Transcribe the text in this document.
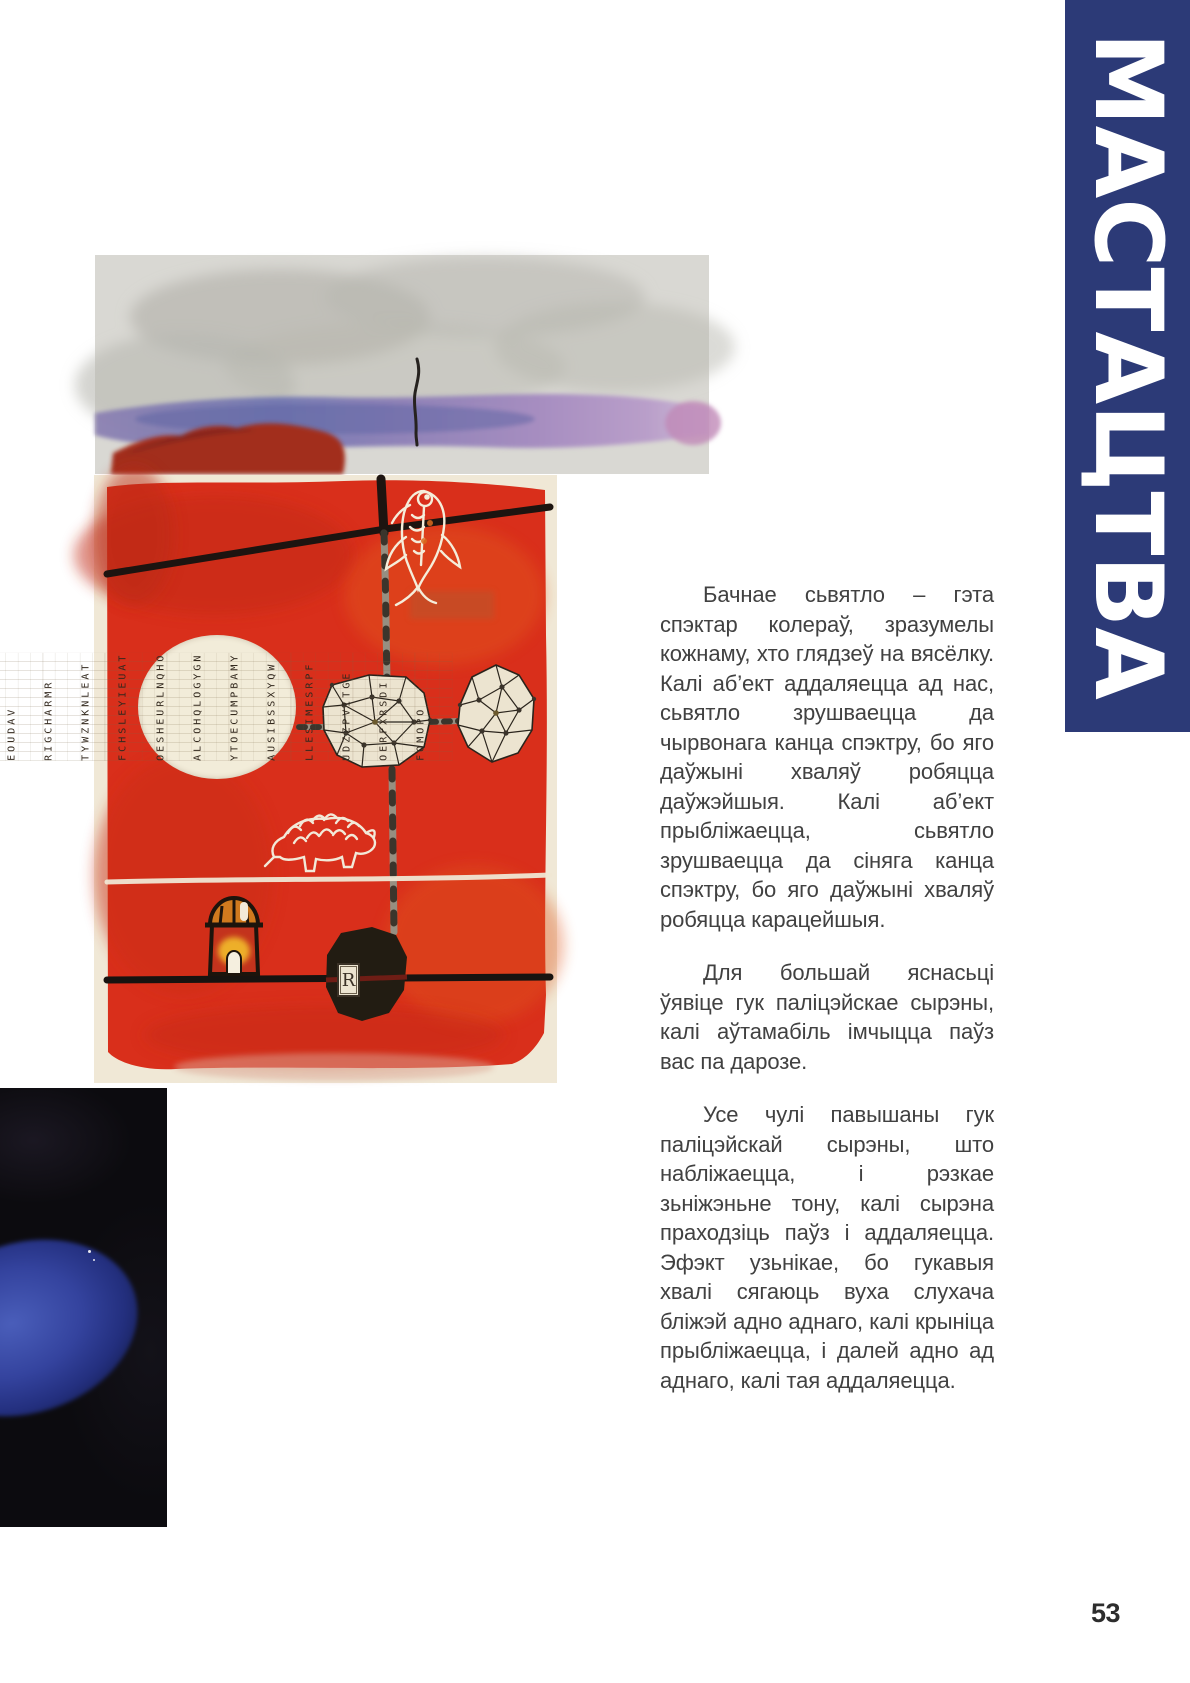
EOUDAV

	RIGCHARMR

	TYWZNKNLEAT

	FCHSLEYIEUAT

	OESHEURLNQHO

	ALCOHQLOGYGN

	YTOECUMPBAMY

	AUSIBSSXYQW

	LLESIMESRPF

	UDZZPVITGE

	OERFXRSDI

	FOMOPO

R

Бачнае сьвятло – гэта спэктар колераў, зразумелы кожнаму, хто глядзеў на вясёлку. Калі аб’ект аддаляецца ад нас, сьвятло зрушваецца да чырвонага канца спэктру, бо яго даўжыні хваляў робяцца даўжэйшыя. Калі аб’ект прыбліжаецца, сьвятло зрушваецца да сіняга канца спэктру, бо яго даўжыні хваляў робяцца карацейшыя.

Для большай яснасьці ўявіце гук паліцэйскае сырэны, калі аўтамабіль імчыцца паўз вас па дарозе.

Усе чулі павышаны гук паліцэйскай сырэны, што набліжаецца, і рэзкае зьніжэньне тону, калі сырэна праходзіць паўз і аддаляецца. Эфэкт узьнікае, бо гукавыя хвалі сягаюць вуха слухача бліжэй адно аднаго, калі крыніца прыбліжаецца, і далей адно ад аднаго, калі тая аддаляецца.

МАСТАЦТВА
53
